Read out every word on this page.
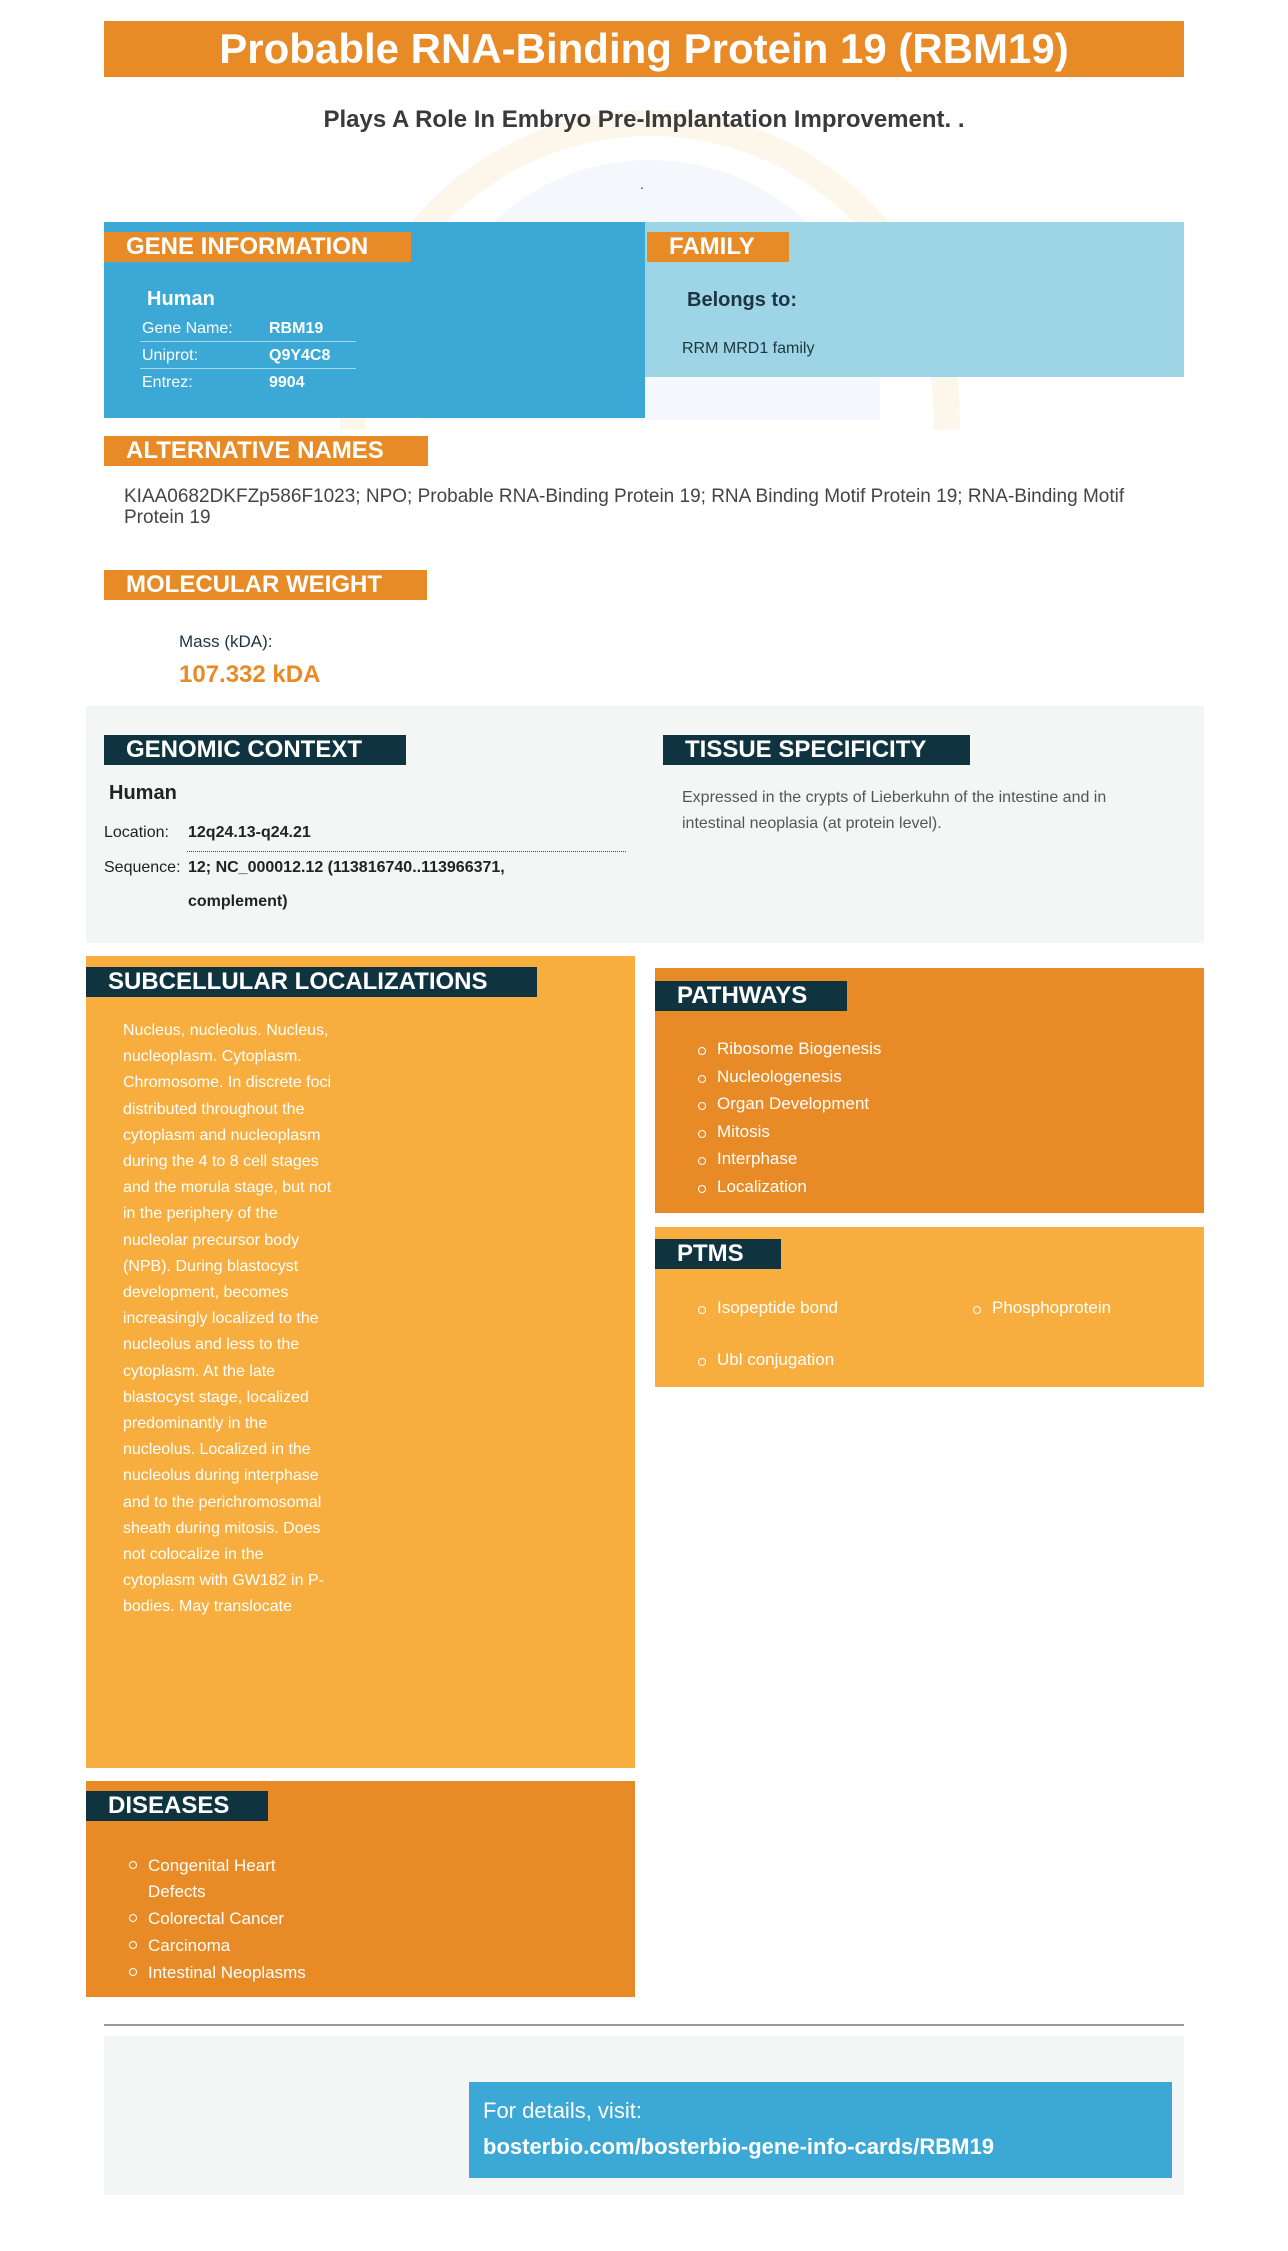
Probable RNA-Binding Protein 19 (RBM19)
Plays A Role In Embryo Pre-Implantation Improvement. .
.
GENE INFORMATION
Human
Gene Name: RBM19
Uniprot:	Q9Y4C8
Entrez:	9904
FAMILY
Belongs to:
RRM MRD1 family
ALTERNATIVE NAMES
KIAA0682DKFZp586F1023; NPO; Probable RNA-Binding Protein 19; RNA Binding Motif Protein 19; RNA-Binding Motif Protein 19
MOLECULAR WEIGHT
Mass (kDA):
107.332 kDA
GENOMIC CONTEXT
Human
Location: 12q24.13-q24.21
Sequence: 12; NC_000012.12 (113816740..113966371, complement)
TISSUE SPECIFICITY
Expressed in the crypts of Lieberkuhn of the intestine and in intestinal neoplasia (at protein level).
SUBCELLULAR LOCALIZATIONS
Nucleus, nucleolus. Nucleus, nucleoplasm. Cytoplasm. Chromosome. In discrete foci distributed throughout the cytoplasm and nucleoplasm during the 4 to 8 cell stages and the morula stage, but not in the periphery of the nucleolar precursor body (NPB). During blastocyst development, becomes increasingly localized to the nucleolus and less to the cytoplasm. At the late blastocyst stage, localized predominantly in the nucleolus. Localized in the nucleolus during interphase and to the perichromosomal sheath during mitosis. Does not colocalize in the cytoplasm with GW182 in P-bodies. May translocate
PATHWAYS
Ribosome Biogenesis
Nucleologenesis
Organ Development
Mitosis
Interphase
Localization
PTMS
Isopeptide bond	Phosphoprotein
Ubl conjugation
DISEASES
Congenital Heart Defects
Colorectal Cancer
Carcinoma
Intestinal Neoplasms
For details, visit:
bosterbio.com/bosterbio-gene-info-cards/RBM19
